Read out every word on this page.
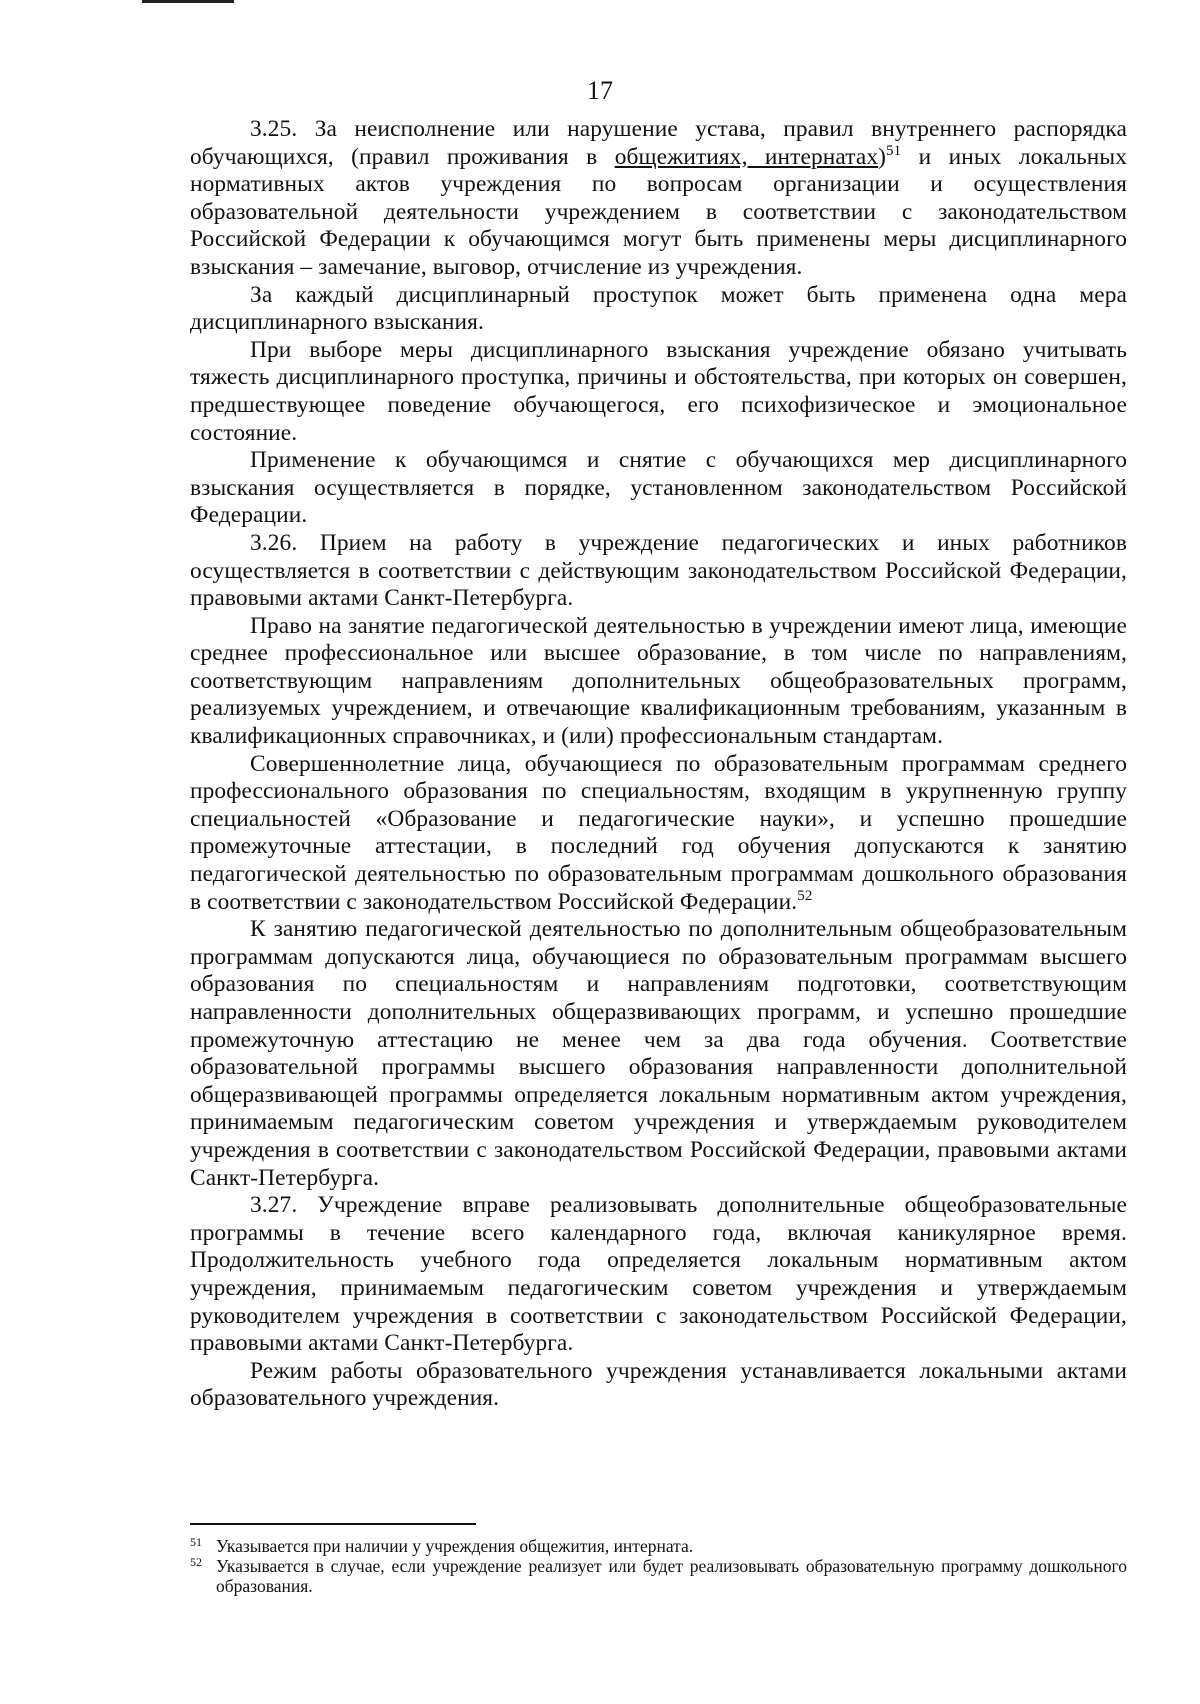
17

3.25. За неисполнение или нарушение устава, правил внутреннего распорядка обучающихся, (правил проживания в общежитиях, интернатах)$^{51}$ и иных локальных нормативных актов учреждения по вопросам организации и осуществления образовательной деятельности учреждением в соответствии с законодательством Российской Федерации к обучающимся могут быть применены меры дисциплинарного взыскания – замечание, выговор, отчисление из учреждения.

За каждый дисциплинарный проступок может быть применена одна мера дисциплинарного взыскания.

При выборе меры дисциплинарного взыскания учреждение обязано учитывать тяжесть дисциплинарного проступка, причины и обстоятельства, при которых он совершен, предшествующее поведение обучающегося, его психофизическое и эмоциональное состояние.

Применение к обучающимся и снятие с обучающихся мер дисциплинарного взыскания осуществляется в порядке, установленном законодательством Российской Федерации.

3.26. Прием на работу в учреждение педагогических и иных работников осуществляется в соответствии с действующим законодательством Российской Федерации, правовыми актами Санкт-Петербурга.

Право на занятие педагогической деятельностью в учреждении имеют лица, имеющие среднее профессиональное или высшее образование, в том числе по направлениям, соответствующим направлениям дополнительных общеобразовательных программ, реализуемых учреждением, и отвечающие квалификационным требованиям, указанным в квалификационных справочниках, и (или) профессиональным стандартам.

Совершеннолетние лица, обучающиеся по образовательным программам среднего профессионального образования по специальностям, входящим в укрупненную группу специальностей «Образование и педагогические науки», и успешно прошедшие промежуточные аттестации, в последний год обучения допускаются к занятию педагогической деятельностью по образовательным программам дошкольного образования в соответствии с законодательством Российской Федерации.$^{52}$

К занятию педагогической деятельностью по дополнительным общеобразовательным программам допускаются лица, обучающиеся по образовательным программам высшего образования по специальностям и направлениям подготовки, соответствующим направленности дополнительных общеразвивающих программ, и успешно прошедшие промежуточную аттестацию не менее чем за два года обучения. Соответствие образовательной программы высшего образования направленности дополнительной общеразвивающей программы определяется локальным нормативным актом учреждения, принимаемым педагогическим советом учреждения и утверждаемым руководителем учреждения в соответствии с законодательством Российской Федерации, правовыми актами Санкт-Петербурга.

3.27. Учреждение вправе реализовывать дополнительные общеобразовательные программы в течение всего календарного года, включая каникулярное время. Продолжительность учебного года определяется локальным нормативным актом учреждения, принимаемым педагогическим советом учреждения и утверждаемым руководителем учреждения в соответствии с законодательством Российской Федерации, правовыми актами Санкт-Петербурга.

Режим работы образовательного учреждения устанавливается локальными актами образовательного учреждения.

51 Указывается при наличии у учреждения общежития, интерната.
52 Указывается в случае, если учреждение реализует или будет реализовывать образовательную программу дошкольного образования.
